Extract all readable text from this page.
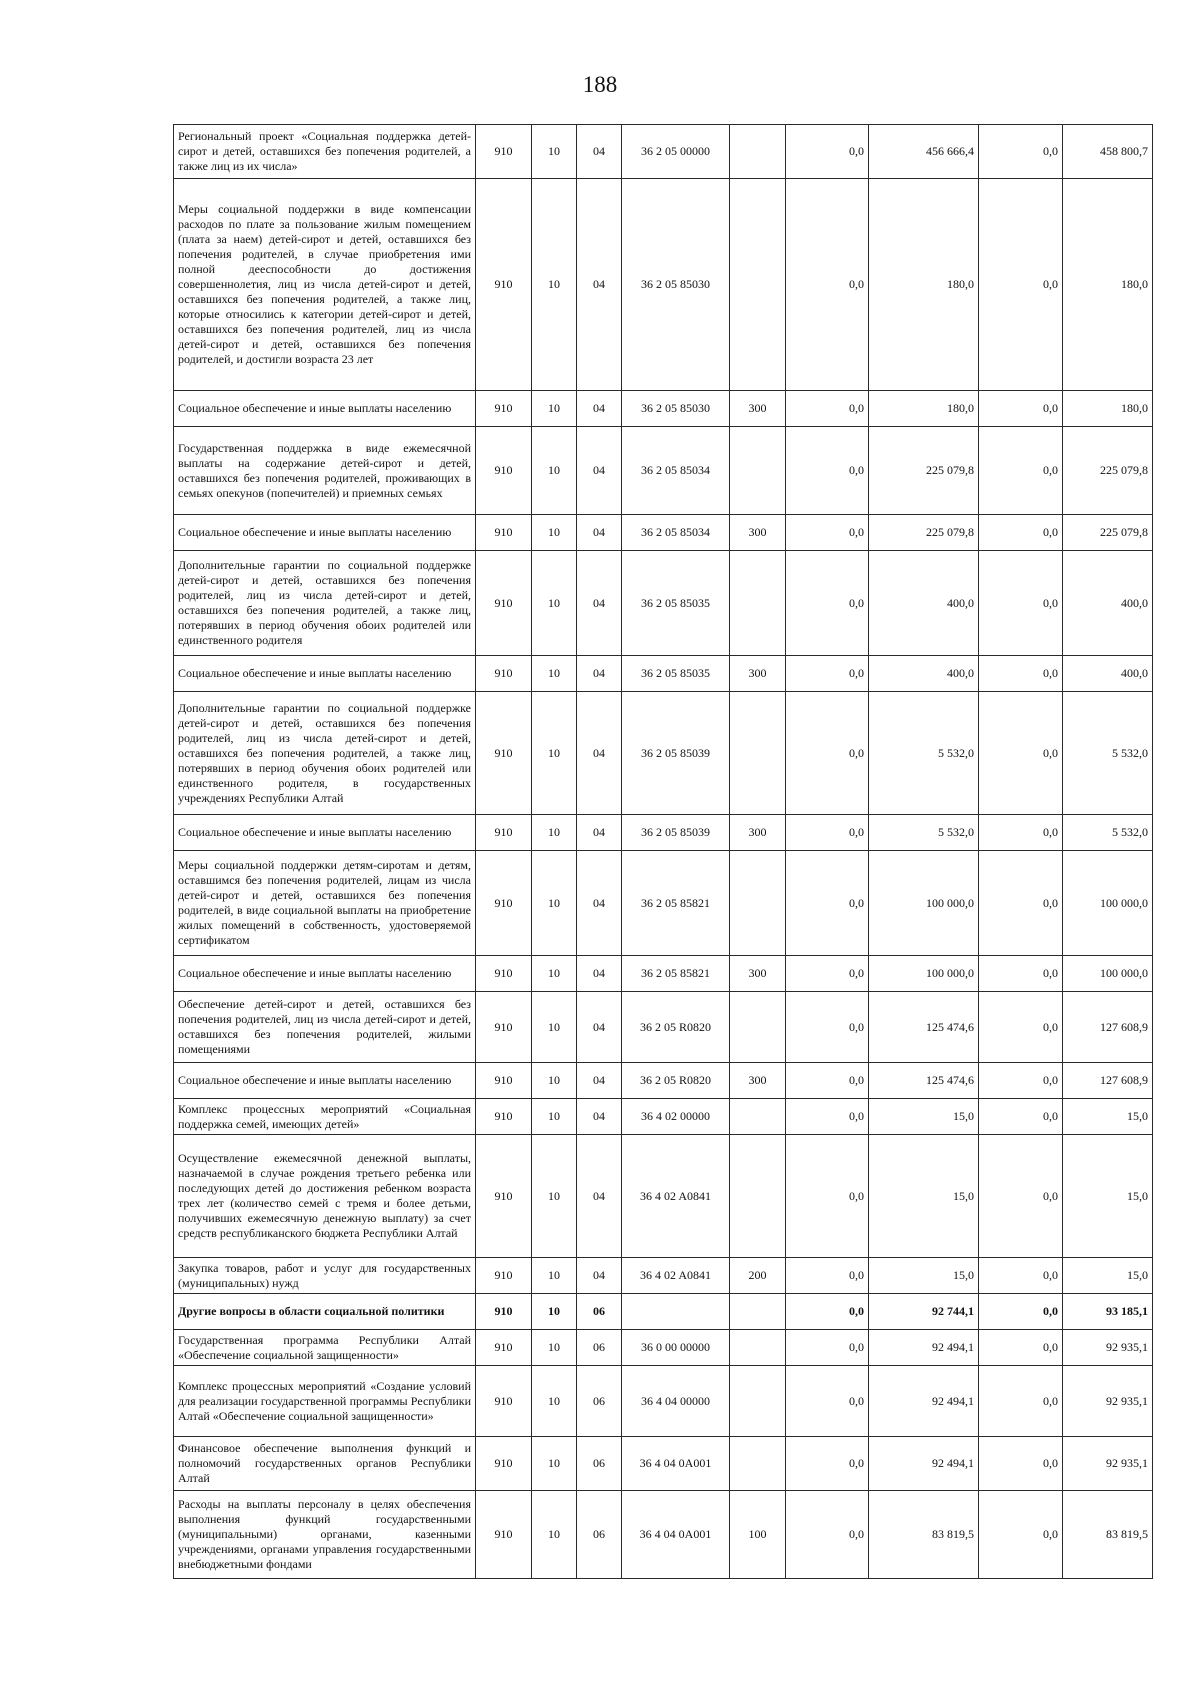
188
Региональный проект «Социальная поддержка детей-сирот и детей, оставшихся без попечения родителей, а также лиц из их числа»	910	10	04	36 2 05 00000		0,0	456 666,4	0,0	458 800,7
Меры социальной поддержки в виде компенсации расходов по плате за пользование жилым помещением (плата за наем) детей-сирот и детей, оставшихся без попечения родителей, в случае приобретения ими полной дееспособности до достижения совершеннолетия, лиц из числа детей-сирот и детей, оставшихся без попечения родителей, а также лиц, которые относились к категории детей-сирот и детей, оставшихся без попечения родителей, лиц из числа детей-сирот и детей, оставшихся без попечения родителей, и достигли возраста 23 лет	910	10	04	36 2 05 85030		0,0	180,0	0,0	180,0
Социальное обеспечение и иные выплаты населению	910	10	04	36 2 05 85030	300	0,0	180,0	0,0	180,0
Государственная поддержка в виде ежемесячной выплаты на содержание детей-сирот и детей, оставшихся без попечения родителей, проживающих в семьях опекунов (попечителей) и приемных семьях	910	10	04	36 2 05 85034		0,0	225 079,8	0,0	225 079,8
Социальное обеспечение и иные выплаты населению	910	10	04	36 2 05 85034	300	0,0	225 079,8	0,0	225 079,8
Дополнительные гарантии по социальной поддержке детей-сирот и детей, оставшихся без попечения родителей, лиц из числа детей-сирот и детей, оставшихся без попечения родителей, а также лиц, потерявших в период обучения обоих родителей или единственного родителя	910	10	04	36 2 05 85035		0,0	400,0	0,0	400,0
Социальное обеспечение и иные выплаты населению	910	10	04	36 2 05 85035	300	0,0	400,0	0,0	400,0
Дополнительные гарантии по социальной поддержке детей-сирот и детей, оставшихся без попечения родителей, лиц из числа детей-сирот и детей, оставшихся без попечения родителей, а также лиц, потерявших в период обучения обоих родителей или единственного родителя, в государственных учреждениях Республики Алтай	910	10	04	36 2 05 85039		0,0	5 532,0	0,0	5 532,0
Социальное обеспечение и иные выплаты населению	910	10	04	36 2 05 85039	300	0,0	5 532,0	0,0	5 532,0
Меры социальной поддержки детям-сиротам и детям, оставшимся без попечения родителей, лицам из числа детей-сирот и детей, оставшихся без попечения родителей, в виде социальной выплаты на приобретение жилых помещений в собственность, удостоверяемой сертификатом	910	10	04	36 2 05 85821		0,0	100 000,0	0,0	100 000,0
Социальное обеспечение и иные выплаты населению	910	10	04	36 2 05 85821	300	0,0	100 000,0	0,0	100 000,0
Обеспечение детей-сирот и детей, оставшихся без попечения родителей, лиц из числа детей-сирот и детей, оставшихся без попечения родителей, жилыми помещениями	910	10	04	36 2 05 R0820		0,0	125 474,6	0,0	127 608,9
Социальное обеспечение и иные выплаты населению	910	10	04	36 2 05 R0820	300	0,0	125 474,6	0,0	127 608,9
Комплекс процессных мероприятий «Социальная поддержка семей, имеющих детей»	910	10	04	36 4 02 00000		0,0	15,0	0,0	15,0
Осуществление ежемесячной денежной выплаты, назначаемой в случае рождения третьего ребенка или последующих детей до достижения ребенком возраста трех лет (количество семей с тремя и более детьми, получивших ежемесячную денежную выплату) за счет средств республиканского бюджета Республики Алтай	910	10	04	36 4 02 A0841		0,0	15,0	0,0	15,0
Закупка товаров, работ и услуг для государственных (муниципальных) нужд	910	10	04	36 4 02 A0841	200	0,0	15,0	0,0	15,0
Другие вопросы в области социальной политики	910	10	06			0,0	92 744,1	0,0	93 185,1
Государственная программа Республики Алтай «Обеспечение социальной защищенности»	910	10	06	36 0 00 00000		0,0	92 494,1	0,0	92 935,1
Комплекс процессных мероприятий «Создание условий для реализации государственной программы Республики Алтай «Обеспечение социальной защищенности»	910	10	06	36 4 04 00000		0,0	92 494,1	0,0	92 935,1
Финансовое обеспечение выполнения функций и полномочий государственных органов Республики Алтай	910	10	06	36 4 04 0A001		0,0	92 494,1	0,0	92 935,1
Расходы на выплаты персоналу в целях обеспечения выполнения функций государственными (муниципальными) органами, казенными учреждениями, органами управления государственными внебюджетными фондами	910	10	06	36 4 04 0A001	100	0,0	83 819,5	0,0	83 819,5
